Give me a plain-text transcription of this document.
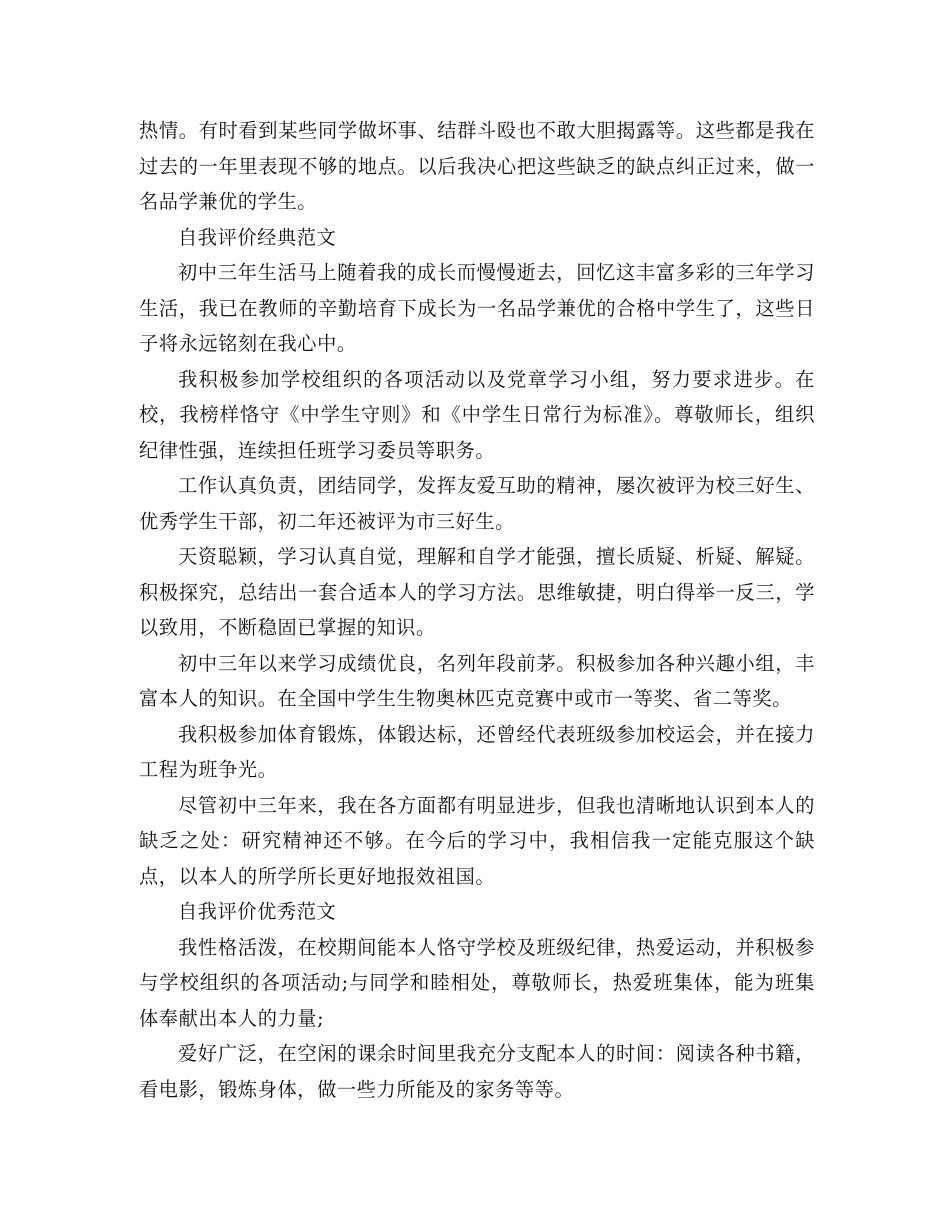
热情。有时看到某些同学做坏事、结群斗殴也不敢大胆揭露等。这些都是我在过去的一年里表现不够的地点。以后我决心把这些缺乏的缺点纠正过来，做一名品学兼优的学生。

自我评价经典范文

初中三年生活马上随着我的成长而慢慢逝去，回忆这丰富多彩的三年学习生活，我已在教师的辛勤培育下成长为一名品学兼优的合格中学生了，这些日子将永远铭刻在我心中。

我积极参加学校组织的各项活动以及党章学习小组，努力要求进步。在校，我榜样恪守《中学生守则》和《中学生日常行为标准》。尊敬师长，组织纪律性强，连续担任班学习委员等职务。

工作认真负责，团结同学，发挥友爱互助的精神，屡次被评为校三好生、优秀学生干部，初二年还被评为市三好生。

天资聪颖，学习认真自觉，理解和自学才能强，擅长质疑、析疑、解疑。积极探究，总结出一套合适本人的学习方法。思维敏捷，明白得举一反三，学以致用，不断稳固已掌握的知识。

初中三年以来学习成绩优良，名列年段前茅。积极参加各种兴趣小组，丰富本人的知识。在全国中学生生物奥林匹克竞赛中或市一等奖、省二等奖。

我积极参加体育锻炼，体锻达标，还曾经代表班级参加校运会，并在接力工程为班争光。

尽管初中三年来，我在各方面都有明显进步，但我也清晰地认识到本人的缺乏之处：研究精神还不够。在今后的学习中，我相信我一定能克服这个缺点，以本人的所学所长更好地报效祖国。

自我评价优秀范文

我性格活泼，在校期间能本人恪守学校及班级纪律，热爱运动，并积极参与学校组织的各项活动;与同学和睦相处，尊敬师长，热爱班集体，能为班集体奉献出本人的力量;

爱好广泛，在空闲的课余时间里我充分支配本人的时间：阅读各种书籍，看电影，锻炼身体，做一些力所能及的家务等等。
